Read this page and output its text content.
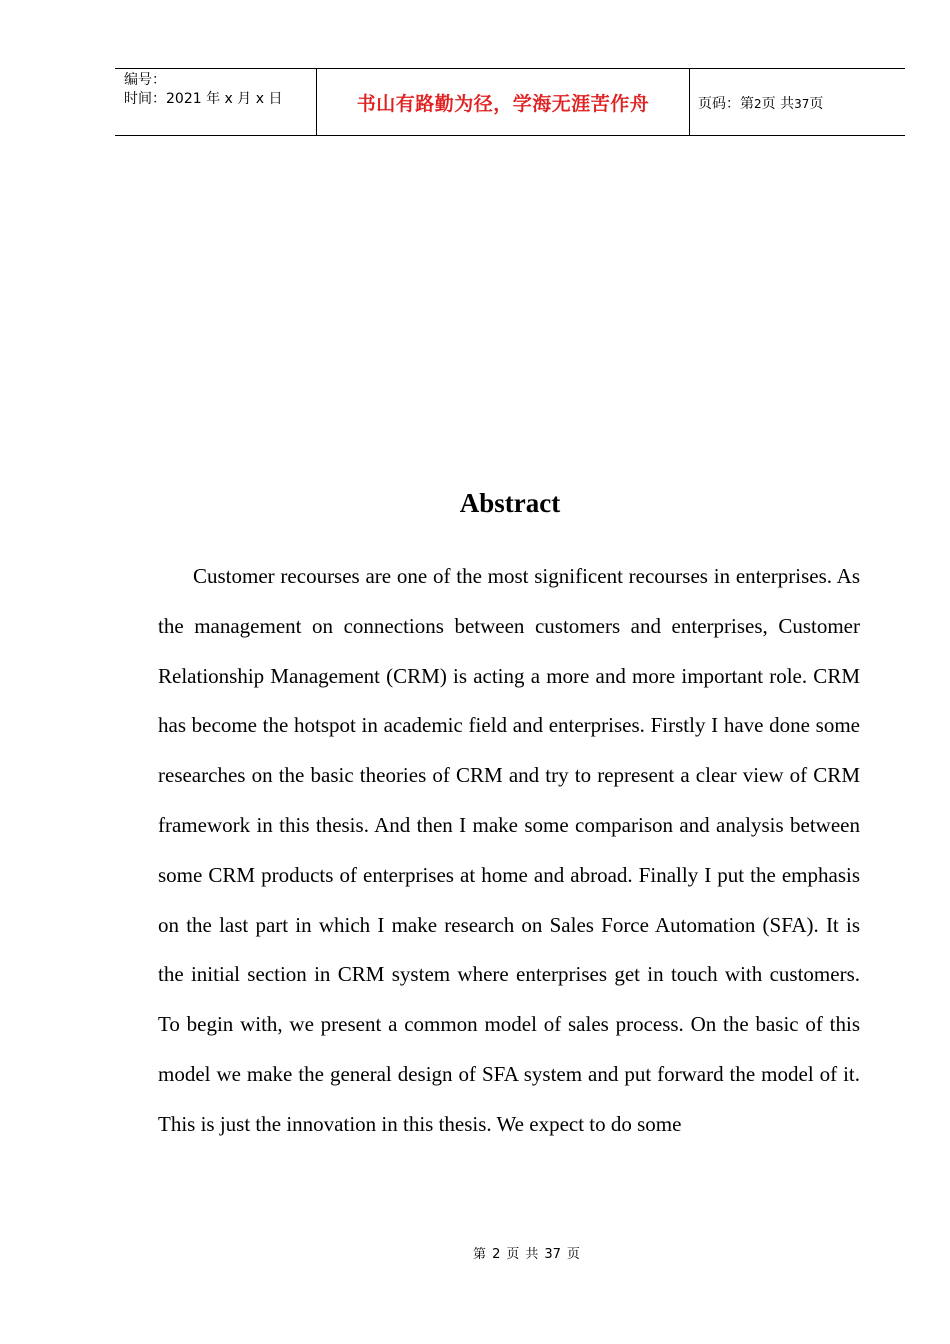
编号：
时间：2021 年 x 月 x 日	书山有路勤为径，学海无涯苦作舟	页码：第2页 共37页
Abstract

Customer recourses are one of the most significent recourses in enterprises. As the management on connections between customers and enterprises, Customer Relationship Management (CRM) is acting a more and more important role. CRM has become the hotspot in academic field and enterprises. Firstly I have done some researches on the basic theories of CRM and try to represent a clear view of CRM framework in this thesis. And then I make some comparison and analysis between some CRM products of enterprises at home and abroad. Finally I put the emphasis on the last part in which I make research on Sales Force Automation (SFA). It is the initial section in CRM system where enterprises get in touch with customers. To begin with, we present a common model of sales process. On the basic of this model we make the general design of SFA system and put forward the model of it. This is just the innovation in this thesis. We expect to do some

第 2 页 共 37 页
